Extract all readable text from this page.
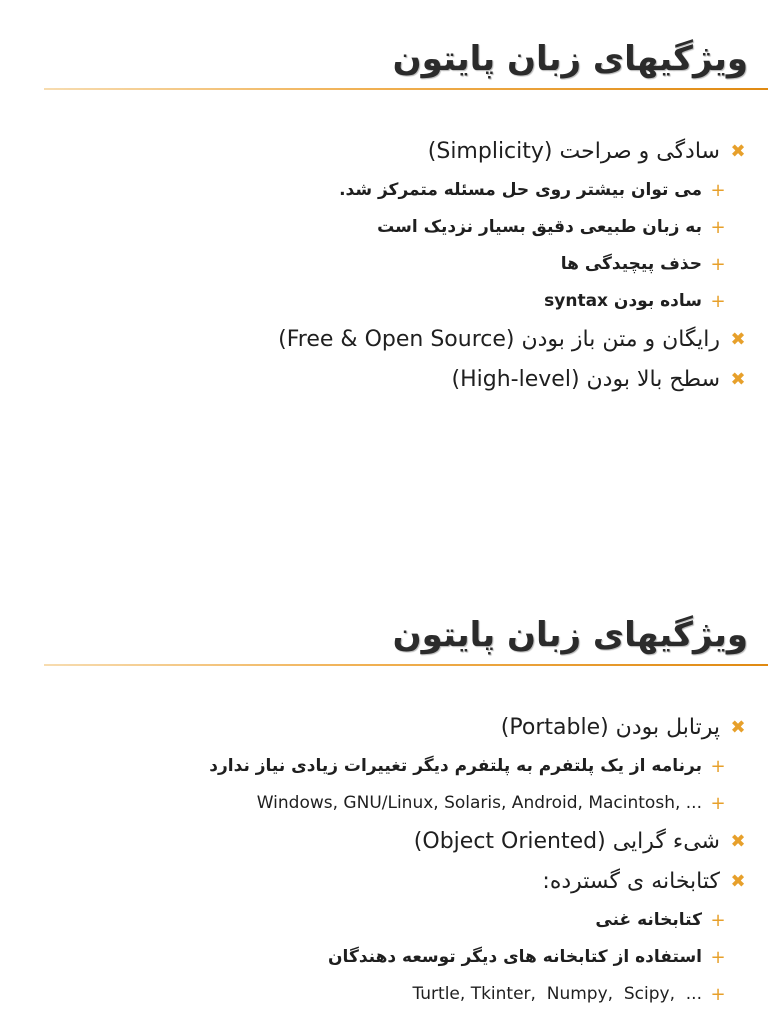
ویژگیهای زبان پایتون
✖
سادگی و صراحت (Simplicity)
+
می توان بیشتر روی حل مسئله متمرکز شد.
+
به زبان طبیعی دقیق بسیار نزدیک است
+
حذف پیچیدگی ها
+
ساده بودن syntax
✖
رایگان و متن باز بودن (Free & Open Source)
✖
سطح بالا بودن (High-level)
ویژگیهای زبان پایتون
✖
پرتابل بودن (Portable)
+
برنامه از یک پلتفرم به پلتفرم دیگر تغییرات زیادی نیاز ندارد
+
Windows, GNU/Linux, Solaris, Android, Macintosh, ...
✖
شیء گرایی (Object Oriented)
✖
کتابخانه ی گسترده:
+
کتابخانه غنی
+
استفاده از کتابخانه های دیگر توسعه دهندگان
+
Turtle, Tkinter,  Numpy,  Scipy,  ...
